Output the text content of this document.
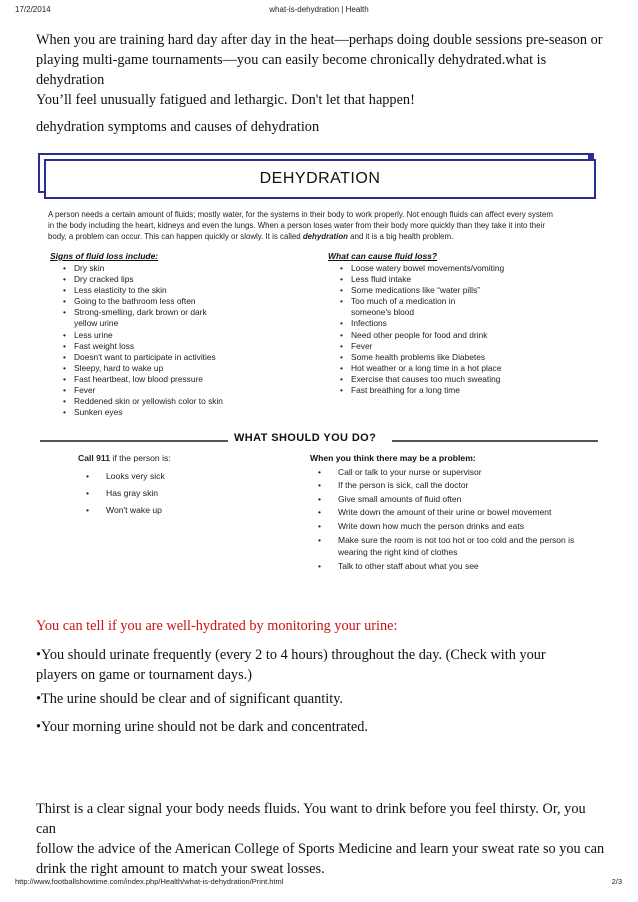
17/2/2014	what-is-dehydration | Health

When you are training hard day after day in the heat—perhaps doing double sessions pre-season or

playing multi-game tournaments—you can easily become chronically dehydrated.what is dehydration

You’ll feel unusually fatigued and lethargic. Don't let that happen!

dehydration symptoms and causes of dehydration
DEHYDRATION
A person needs a certain amount of fluids; mostly water, for the systems in their body to work properly. Not enough fluids can affect every system
in the body including the heart, kidneys and even the lungs. When a person loses water from their body more quickly than they take it into their
body, a problem can occur. This can happen quickly or slowly. It is called dehydration and it is a big health problem.
Signs of fluid loss include:
• Dry skin
• Dry cracked lips
• Less elasticity to the skin
• Going to the bathroom less often
• Strong-smelling, dark brown or dark yellow urine
• Less urine
• Fast weight loss
• Doesn't want to participate in activities
• Sleepy, hard to wake up
• Fast heartbeat, low blood pressure
• Fever
• Reddened skin or yellowish color to skin
• Sunken eyes
What can cause fluid loss?
• Loose watery bowel movements/vomiting
• Less fluid intake
• Some medications like “water pills”
• Too much of a medication in someone's blood
• Infections
• Need other people for food and drink
• Fever
• Some health problems like Diabetes
• Hot weather or a long time in a hot place
• Exercise that causes too much sweating
• Fast breathing for a long time
WHAT SHOULD YOU DO?
Call 911 if the person is:
• Looks very sick
• Has gray skin
• Won't wake up
When you think there may be a problem:
• Call or talk to your nurse or supervisor
• If the person is sick, call the doctor
• Give small amounts of fluid often
• Write down the amount of their urine or bowel movement
• Write down how much the person drinks and eats
• Make sure the room is not too hot or too cold and the person is wearing the right kind of clothes
• Talk to other staff about what you see
You can tell if you are well-hydrated by monitoring your urine:

•You should urinate frequently (every 2 to 4 hours) throughout the day. (Check with your

players on game or tournament days.)

•The urine should be clear and of significant quantity.

•Your morning urine should not be dark and concentrated.

Thirst is a clear signal your body needs fluids. You want to drink before you feel thirsty. Or, you can

follow the advice of the American College of Sports Medicine and learn your sweat rate so you can

drink the right amount to match your sweat losses.

http://www.footballshowtime.com/index.php/Health/what-is-dehydration/Print.html	2/3
